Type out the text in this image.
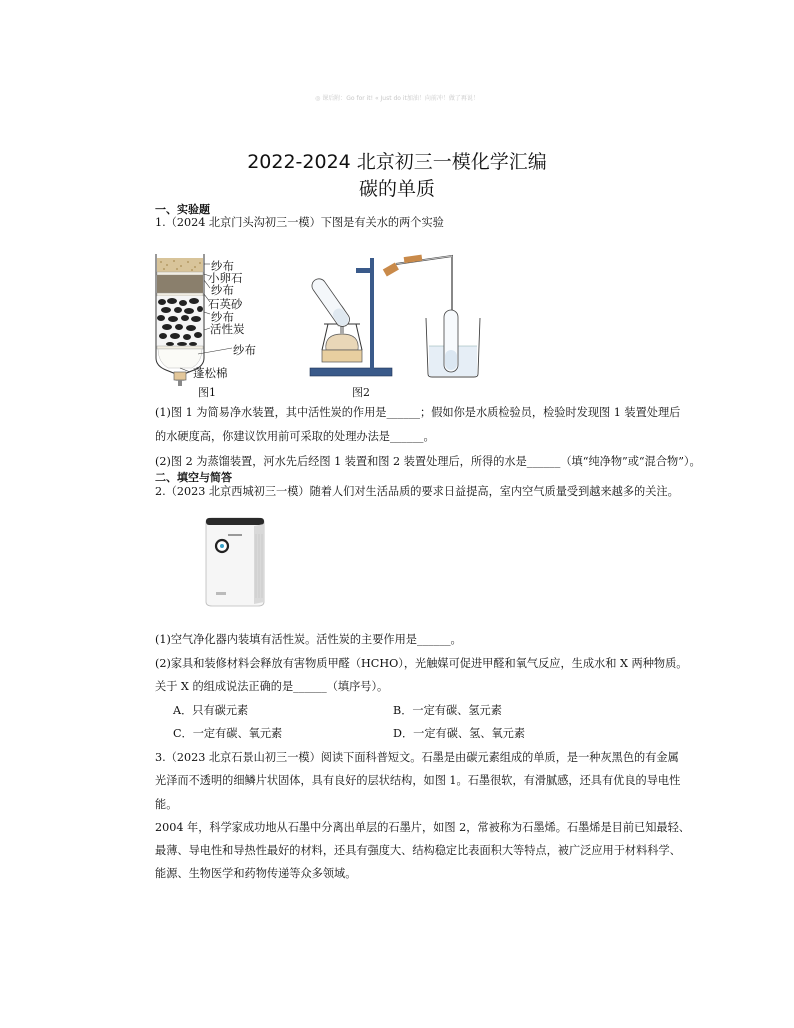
◎ 课后附：Go for it! « Just do it加油！向前冲！做了再说！
2022-2024 北京初三一模化学汇编
碳的单质
一、实验题
1.（2024 北京门头沟初三一模）下图是有关水的两个实验
纱布
小卵石
纱布
石英砂
纱布
活性炭
纱布
蓬松棉
图1	图2
(1)图 1 为简易净水装置，其中活性炭的作用是______；假如你是水质检验员，检验时发现图 1 装置处理后
的水硬度高，你建议饮用前可采取的处理办法是______。
(2)图 2 为蒸馏装置，河水先后经图 1 装置和图 2 装置处理后，所得的水是______（填“纯净物”或“混合物”）。
二、填空与简答
2.（2023 北京西城初三一模）随着人们对生活品质的要求日益提高，室内空气质量受到越来越多的关注。
(1)空气净化器内装填有活性炭。活性炭的主要作用是______。
(2)家具和装修材料会释放有害物质甲醛（HCHO），光触媒可促进甲醛和氧气反应，生成水和 X 两种物质。
关于 X 的组成说法正确的是______（填序号）。
A．只有碳元素	B．一定有碳、氢元素
C．一定有碳、氧元素	D．一定有碳、氢、氧元素
3.（2023 北京石景山初三一模）阅读下面科普短文。石墨是由碳元素组成的单质，是一种灰黑色的有金属
光泽而不透明的细鳞片状固体，具有良好的层状结构，如图 1。石墨很软，有滑腻感，还具有优良的导电性
能。
2004 年，科学家成功地从石墨中分离出单层的石墨片，如图 2，常被称为石墨烯。石墨烯是目前已知最轻、
最薄、导电性和导热性最好的材料，还具有强度大、结构稳定比表面积大等特点，被广泛应用于材料科学、
能源、生物医学和药物传递等众多领域。
